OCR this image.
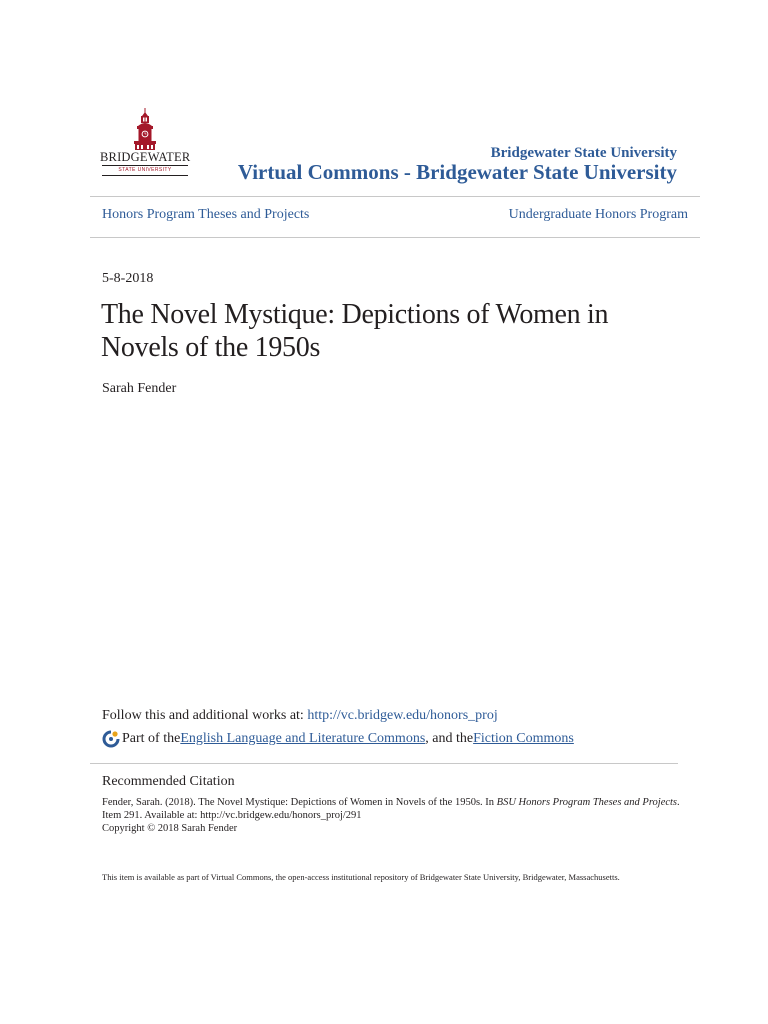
BRIDGEWATER
STATE UNIVERSITY
Bridgewater State University
Virtual Commons - Bridgewater State University
Honors Program Theses and Projects	Undergraduate Honors Program
5-8-2018
The Novel Mystique: Depictions of Women in Novels of the 1950s
Sarah Fender
Follow this and additional works at: http://vc.bridgew.edu/honors_proj
Part of the English Language and Literature Commons , and the Fiction Commons
Recommended Citation
Fender, Sarah. (2018). The Novel Mystique: Depictions of Women in Novels of the 1950s. In BSU Honors Program Theses and Projects.
Item 291. Available at: http://vc.bridgew.edu/honors_proj/291
Copyright © 2018 Sarah Fender
This item is available as part of Virtual Commons, the open-access institutional repository of Bridgewater State University, Bridgewater, Massachusetts.
